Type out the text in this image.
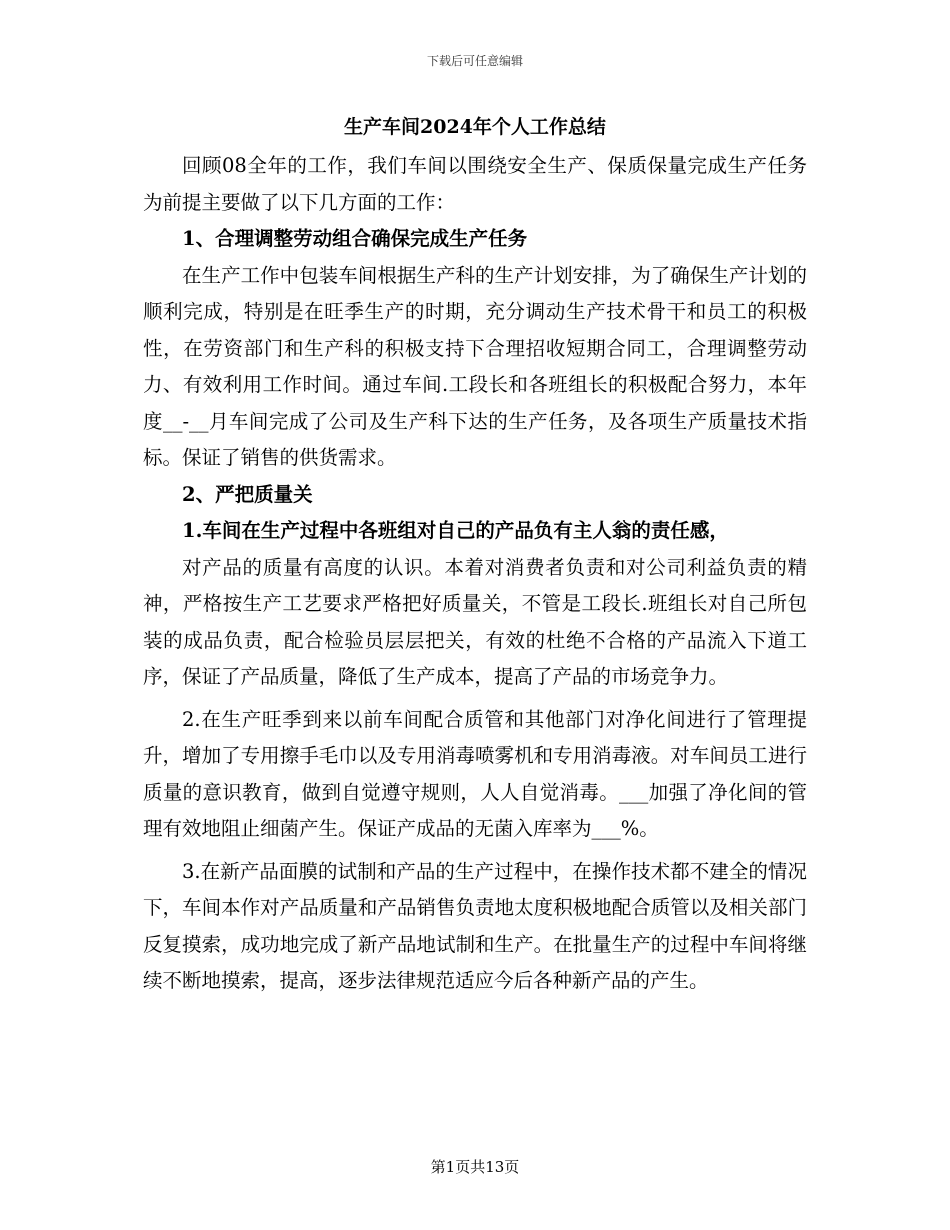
下载后可任意编辑
生产车间2024年个人工作总结

回顾08全年的工作，我们车间以围绕安全生产、保质保量完成生产任务为前提主要做了以下几方面的工作：

1、合理调整劳动组合确保完成生产任务

在生产工作中包装车间根据生产科的生产计划安排，为了确保生产计划的顺利完成，特别是在旺季生产的时期，充分调动生产技术骨干和员工的积极性，在劳资部门和生产科的积极支持下合理招收短期合同工，合理调整劳动力、有效利用工作时间。通过车间.工段长和各班组长的积极配合努力，本年度__-__月车间完成了公司及生产科下达的生产任务，及各项生产质量技术指标。保证了销售的供货需求。

2、严把质量关

1.车间在生产过程中各班组对自己的产品负有主人翁的责任感，

对产品的质量有高度的认识。本着对消费者负责和对公司利益负责的精神，严格按生产工艺要求严格把好质量关，不管是工段长.班组长对自己所包装的成品负责，配合检验员层层把关，有效的杜绝不合格的产品流入下道工序，保证了产品质量，降低了生产成本，提高了产品的市场竞争力。

2.在生产旺季到来以前车间配合质管和其他部门对净化间进行了管理提升，增加了专用擦手毛巾以及专用消毒喷雾机和专用消毒液。对车间员工进行质量的意识教育，做到自觉遵守规则，人人自觉消毒。___加强了净化间的管理有效地阻止细菌产生。保证产成品的无菌入库率为___%。

3.在新产品面膜的试制和产品的生产过程中，在操作技术都不建全的情况下，车间本作对产品质量和产品销售负责地太度积极地配合质管以及相关部门反复摸索，成功地完成了新产品地试制和生产。在批量生产的过程中车间将继续不断地摸索，提高，逐步法律规范适应今后各种新产品的产生。

第1页共13页
